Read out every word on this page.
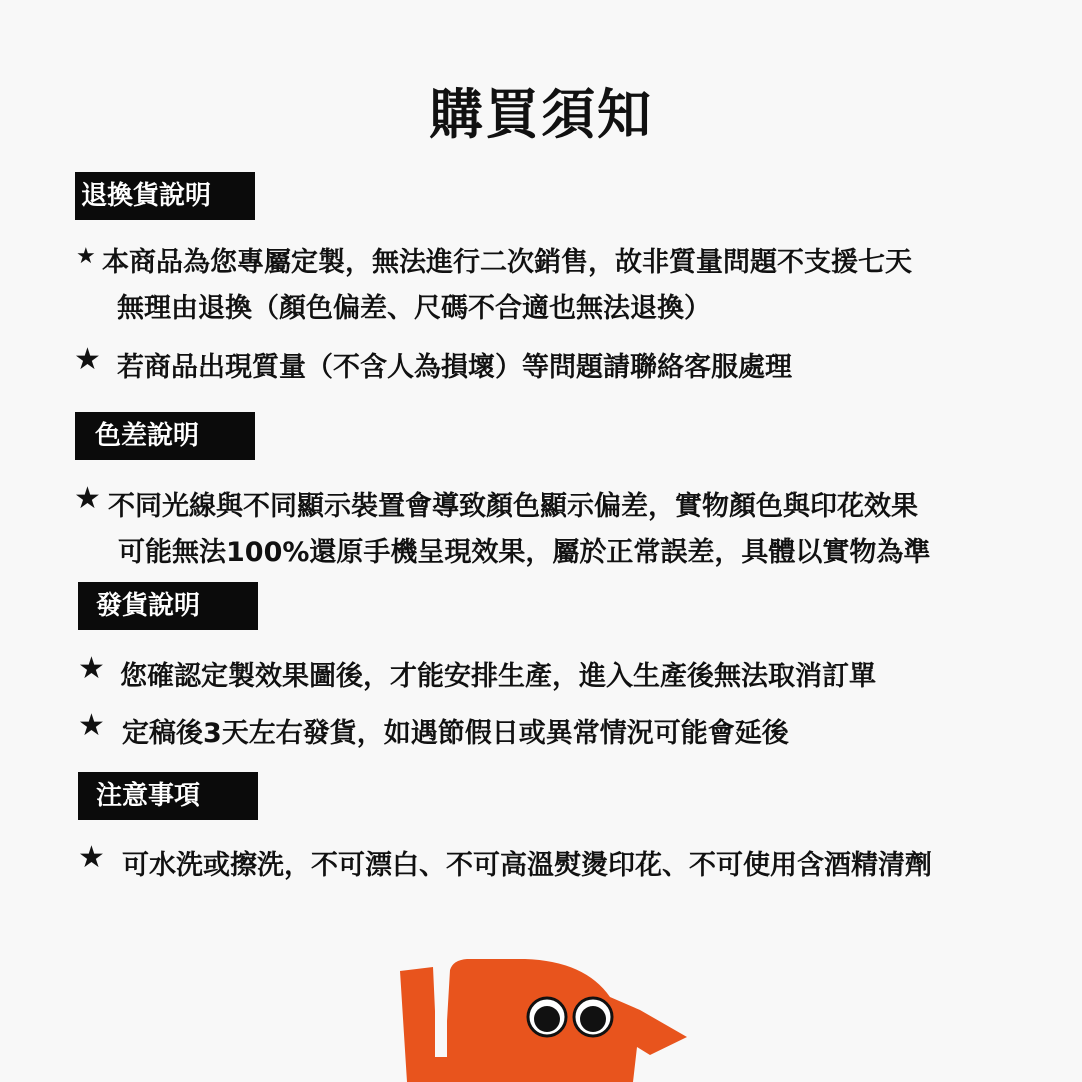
購買須知
退換貨說明
★ 本商品為您專屬定製，無法進行二次銷售，故非質量問題不支援七天
無理由退換（顏色偏差、尺碼不合適也無法退換）
★ 若商品出現質量（不含人為損壞）等問題請聯絡客服處理
色差說明
★ 不同光線與不同顯示裝置會導致顏色顯示偏差，實物顏色與印花效果
可能無法100%還原手機呈現效果，屬於正常誤差，具體以實物為準
發貨說明
★ 您確認定製效果圖後，才能安排生產，進入生產後無法取消訂單
★ 定稿後3天左右發貨，如遇節假日或異常情況可能會延後
注意事項
★ 可水洗或擦洗，不可漂白、不可高溫熨燙印花、不可使用含酒精清劑
